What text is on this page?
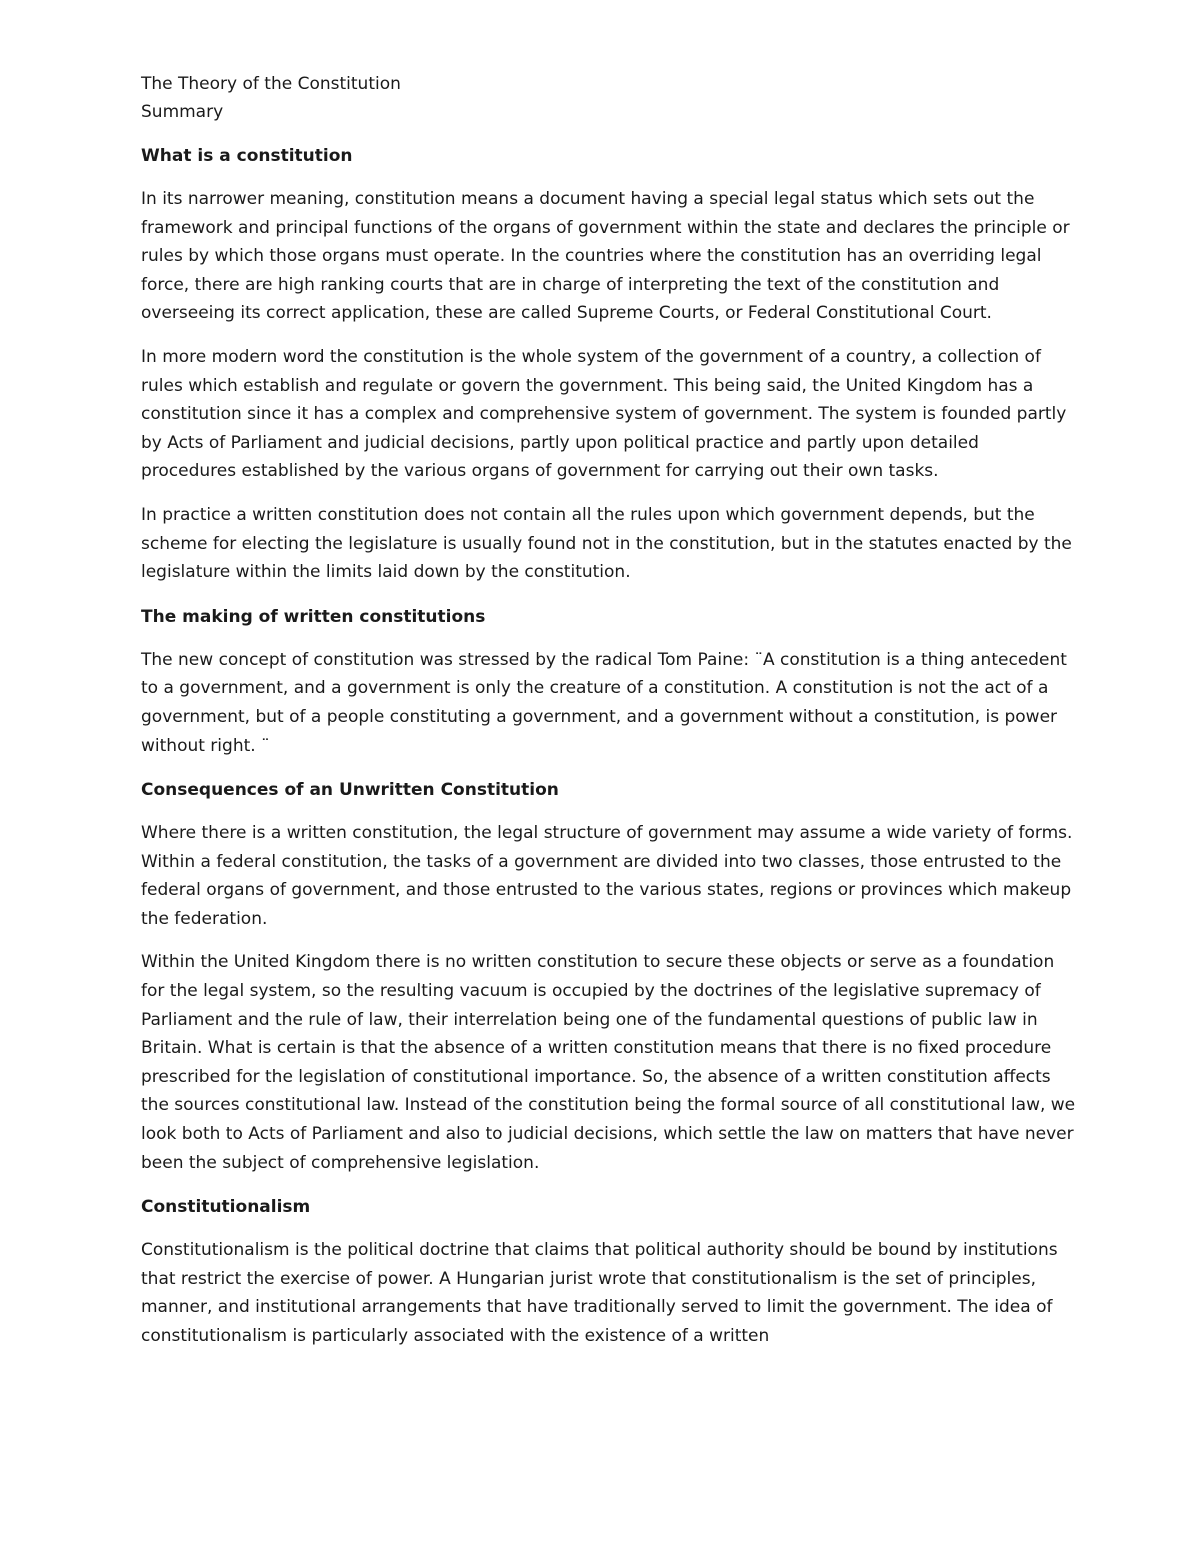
The Theory of the Constitution

Summary

What is a constitution

In its narrower meaning, constitution means a document having a special legal status which sets out the framework and principal functions of the organs of government within the state and declares the principle or rules by which those organs must operate. In the countries where the constitution has an overriding legal force, there are high ranking courts that are in charge of interpreting the text of the constitution and overseeing its correct application, these are called Supreme Courts, or Federal Constitutional Court.

In more modern word the constitution is the whole system of the government of a country, a collection of rules which establish and regulate or govern the government. This being said, the United Kingdom has a constitution since it has a complex and comprehensive system of government. The system is founded partly by Acts of Parliament and judicial decisions, partly upon political practice and partly upon detailed procedures established by the various organs of government for carrying out their own tasks.

In practice a written constitution does not contain all the rules upon which government depends, but the scheme for electing the legislature is usually found not in the constitution, but in the statutes enacted by the legislature within the limits laid down by the constitution.

The making of written constitutions

The new concept of constitution was stressed by the radical Tom Paine: ¨A constitution is a thing antecedent to a government, and a government is only the creature of a constitution. A constitution is not the act of a government, but of a people constituting a government, and a government without a constitution, is power without right. ¨

Consequences of an Unwritten Constitution

Where there is a written constitution, the legal structure of government may assume a wide variety of forms. Within a federal constitution, the tasks of a government are divided into two classes, those entrusted to the federal organs of government, and those entrusted to the various states, regions or provinces which makeup the federation.

Within the United Kingdom there is no written constitution to secure these objects or serve as a foundation for the legal system, so the resulting vacuum is occupied by the doctrines of the legislative supremacy of Parliament and the rule of law, their interrelation being one of the fundamental questions of public law in Britain. What is certain is that the absence of a written constitution means that there is no fixed procedure prescribed for the legislation of constitutional importance. So, the absence of a written constitution affects the sources constitutional law. Instead of the constitution being the formal source of all constitutional law, we look both to Acts of Parliament and also to judicial decisions, which settle the law on matters that have never been the subject of comprehensive legislation.

Constitutionalism

Constitutionalism is the political doctrine that claims that political authority should be bound by institutions that restrict the exercise of power. A Hungarian jurist wrote that constitutionalism is the set of principles, manner, and institutional arrangements that have traditionally served to limit the government. The idea of constitutionalism is particularly associated with the existence of a written
